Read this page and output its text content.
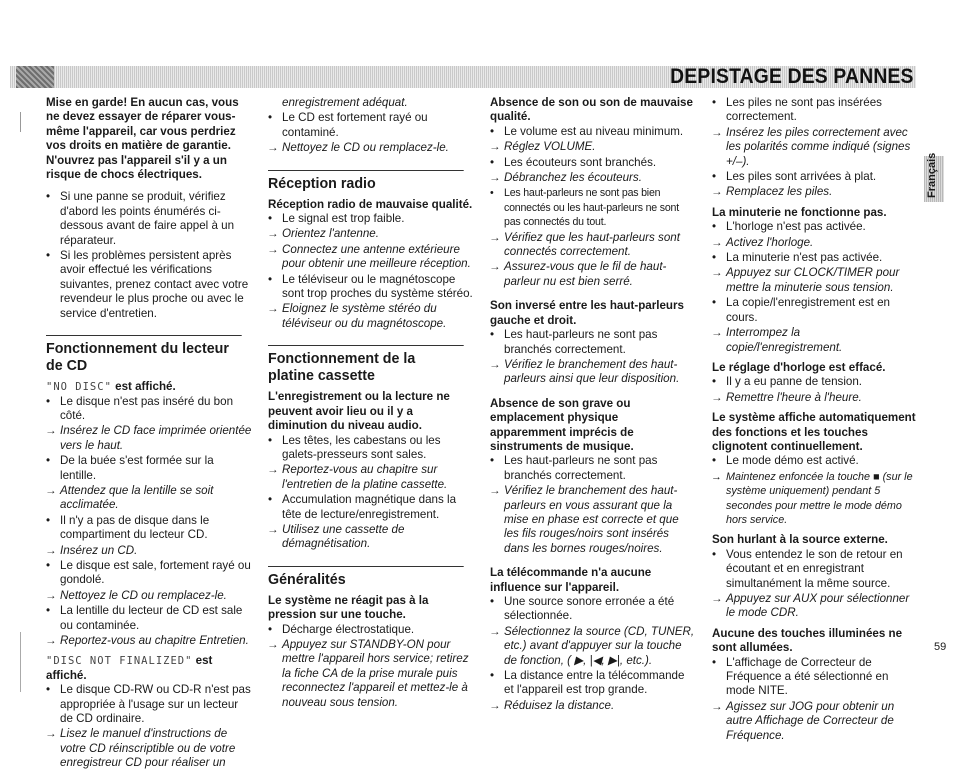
DEPISTAGE DES PANNES
Français

Mise en garde! En aucun cas, vous ne devez essayer de réparer vous-même l'appareil, car vous perdriez vos droits en matière de garantie. N'ouvrez pas l'appareil s'il y a un risque de chocs électriques.

• Si une panne se produit, vérifiez d'abord les points énumérés ci-dessous avant de faire appel à un réparateur.
• Si les problèmes persistent après avoir effectué les vérifications suivantes, prenez contact avec votre revendeur le plus proche ou avec le service d'entretien.
Fonctionnement du lecteur de CD

"NO DISC" est affiché.

• Le disque n'est pas inséré du bon côté.
→ Insérez le CD face imprimée orientée vers le haut.
• De la buée s'est formée sur la lentille.
→ Attendez que la lentille se soit acclimatée.
• Il n'y a pas de disque dans le compartiment du lecteur CD.
→ Insérez un CD.
• Le disque est sale, fortement rayé ou gondolé.
→ Nettoyez le CD ou remplacez-le.
• La lentille du lecteur de CD est sale ou contaminée.
→ Reportez-vous au chapitre Entretien.

"DISC NOT FINALIZED" est affiché.

• Le disque CD-RW ou CD-R n'est pas appropriée à l'usage sur un lecteur de CD ordinaire.
→ Lisez le manuel d'instructions de votre CD réinscriptible ou de votre enregistreur CD pour réaliser un
enregistrement adéquat.
• Le CD est fortement rayé ou contaminé.
→ Nettoyez le CD ou remplacez-le.
Réception radio

Réception radio de mauvaise qualité.

• Le signal est trop faible.
→ Orientez l'antenne.
→ Connectez une antenne extérieure pour obtenir une meilleure réception.
• Le téléviseur ou le magnétoscope sont trop proches du système stéréo.
→ Eloignez le système stéréo du téléviseur ou du magnétoscope.
Fonctionnement de la platine cassette

L'enregistrement ou la lecture ne peuvent avoir lieu ou il y a diminution du niveau audio.

• Les têtes, les cabestans ou les galets-presseurs sont sales.
→ Reportez-vous au chapitre sur l'entretien de la platine cassette.
• Accumulation magnétique dans la tête de lecture/enregistrement.
→ Utilisez une cassette de démagnétisation.
Généralités

Le système ne réagit pas à la pression sur une touche.

• Décharge électrostatique.
→ Appuyez sur STANDBY-ON pour mettre l'appareil hors service; retirez la fiche CA de la prise murale puis reconnectez l'appareil et mettez-le à nouveau sous tension.

Absence de son ou son de mauvaise qualité.

• Le volume est au niveau minimum.
→ Réglez VOLUME.
• Les écouteurs sont branchés.
→ Débranchez les écouteurs.
• Les haut-parleurs ne sont pas bien connectés ou les haut-parleurs ne sont pas connectés du tout.
→ Vérifiez que les haut-parleurs sont connectés correctement.
→ Assurez-vous que le fil de haut-parleur nu est bien serré.

Son inversé entre les haut-parleurs gauche et droit.

• Les haut-parleurs ne sont pas branchés correctement.
→ Vérifiez le branchement des haut-parleurs ainsi que leur disposition.

Absence de son grave ou emplacement physique apparemment imprécis de sinstruments de musique.

• Les haut-parleurs ne sont pas branchés correctement.
→ Vérifiez le branchement des haut-parleurs en vous assurant que la mise en phase est correcte et que les fils rouges/noirs sont insérés dans les bornes rouges/noires.

La télécommande n'a aucune influence sur l'appareil.

• Une source sonore erronée a été sélectionnée.
→ Sélectionnez la source (CD, TUNER, etc.) avant d'appuyer sur la touche de fonction, ( ▶, |◀, ▶|, etc.).
• La distance entre la télécommande et l'appareil est trop grande.
→ Réduisez la distance.
• Les piles ne sont pas insérées correctement.
→ Insérez les piles correctement avec les polarités comme indiqué (signes +/–).
• Les piles sont arrivées à plat.
→ Remplacez les piles.

La minuterie ne fonctionne pas.

• L'horloge n'est pas activée.
→ Activez l'horloge.
• La minuterie n'est pas activée.
→ Appuyez sur CLOCK/TIMER pour mettre la minuterie sous tension.
• La copie/l'enregistrement est en cours.
→ Interrompez la copie/l'enregistrement.

Le réglage d'horloge est effacé.

• Il y a eu panne de tension.
→ Remettre l'heure à l'heure.

Le système affiche automatiquement des fonctions et les touches clignotent continuellement.

• Le mode démo est activé.
→ Maintenez enfoncée la touche ■ (sur le système uniquement) pendant 5 secondes pour mettre le mode démo hors service.

Son hurlant à la source externe.

• Vous entendez le son de retour en écoutant et en enregistrant simultanément la même source.
→ Appuyez sur AUX pour sélectionner le mode CDR.

Aucune des touches illuminées ne sont allumées.

• L'affichage de Correcteur de Fréquence a été sélectionné en mode NITE.
→ Agissez sur JOG pour obtenir un autre Affichage de Correcteur de Fréquence.
59
